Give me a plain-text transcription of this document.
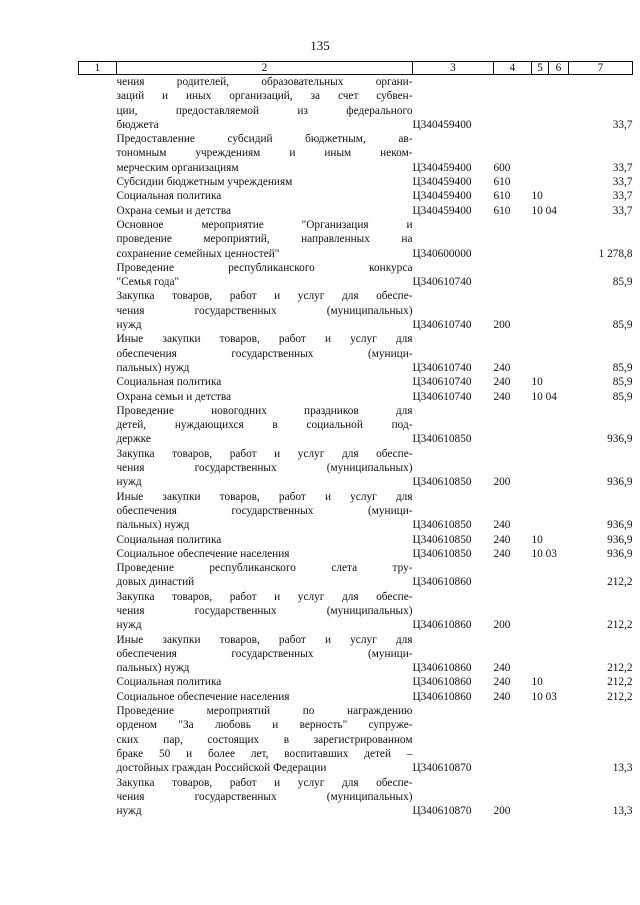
135
1	2	3	4	5	6	7

	чения родителей, образовательных органи-
заций и иных организаций, за счет субвен-
ции, предоставляемой из федерального
бюджета	Ц340459400				33,7

	Предоставление субсидий бюджетным, ав-
тономным учреждениям и иным неком-
мерческим организациям	Ц340459400	600			33,7

	Субсидии бюджетным учреждениям	Ц340459400	610			33,7

	Социальная политика	Ц340459400	610	10		33,7

	Охрана семьи и детства	Ц340459400	610	10 04		33,7

	Основное мероприятие "Организация и
проведение мероприятий, направленных на
сохранение семейных ценностей"	Ц340600000				1 278,8

	Проведение республиканского конкурса
"Семья года"	Ц340610740				85,9

	Закупка товаров, работ и услуг для обеспе-
чения государственных (муниципальных)
нужд	Ц340610740	200			85,9

	Иные закупки товаров, работ и услуг для
обеспечения государственных (муници-
пальных) нужд	Ц340610740	240			85,9

	Социальная политика	Ц340610740	240	10		85,9

	Охрана семьи и детства	Ц340610740	240	10 04		85,9

	Проведение новогодних праздников для
детей, нуждающихся в социальной под-
держке	Ц340610850				936,9

	Закупка товаров, работ и услуг для обеспе-
чения государственных (муниципальных)
нужд	Ц340610850	200			936,9

	Иные закупки товаров, работ и услуг для
обеспечения государственных (муници-
пальных) нужд	Ц340610850	240			936,9

	Социальная политика	Ц340610850	240	10		936,9

	Социальное обеспечение населения	Ц340610850	240	10 03		936,9

	Проведение республиканского слета тру-
довых династий	Ц340610860				212,2

	Закупка товаров, работ и услуг для обеспе-
чения государственных (муниципальных)
нужд	Ц340610860	200			212,2

	Иные закупки товаров, работ и услуг для
обеспечения государственных (муници-
пальных) нужд	Ц340610860	240			212,2

	Социальная политика	Ц340610860	240	10		212,2

	Социальное обеспечение населения	Ц340610860	240	10 03		212,2

	Проведение мероприятий по награждению
орденом "За любовь и верность" супруже-
ских пар, состоящих в зарегистрированном
браке 50 и более лет, воспитавших детей –
достойных граждан Российской Федерации	Ц340610870				13,3

	Закупка товаров, работ и услуг для обеспе-
чения государственных (муниципальных)
нужд	Ц340610870	200			13,3
